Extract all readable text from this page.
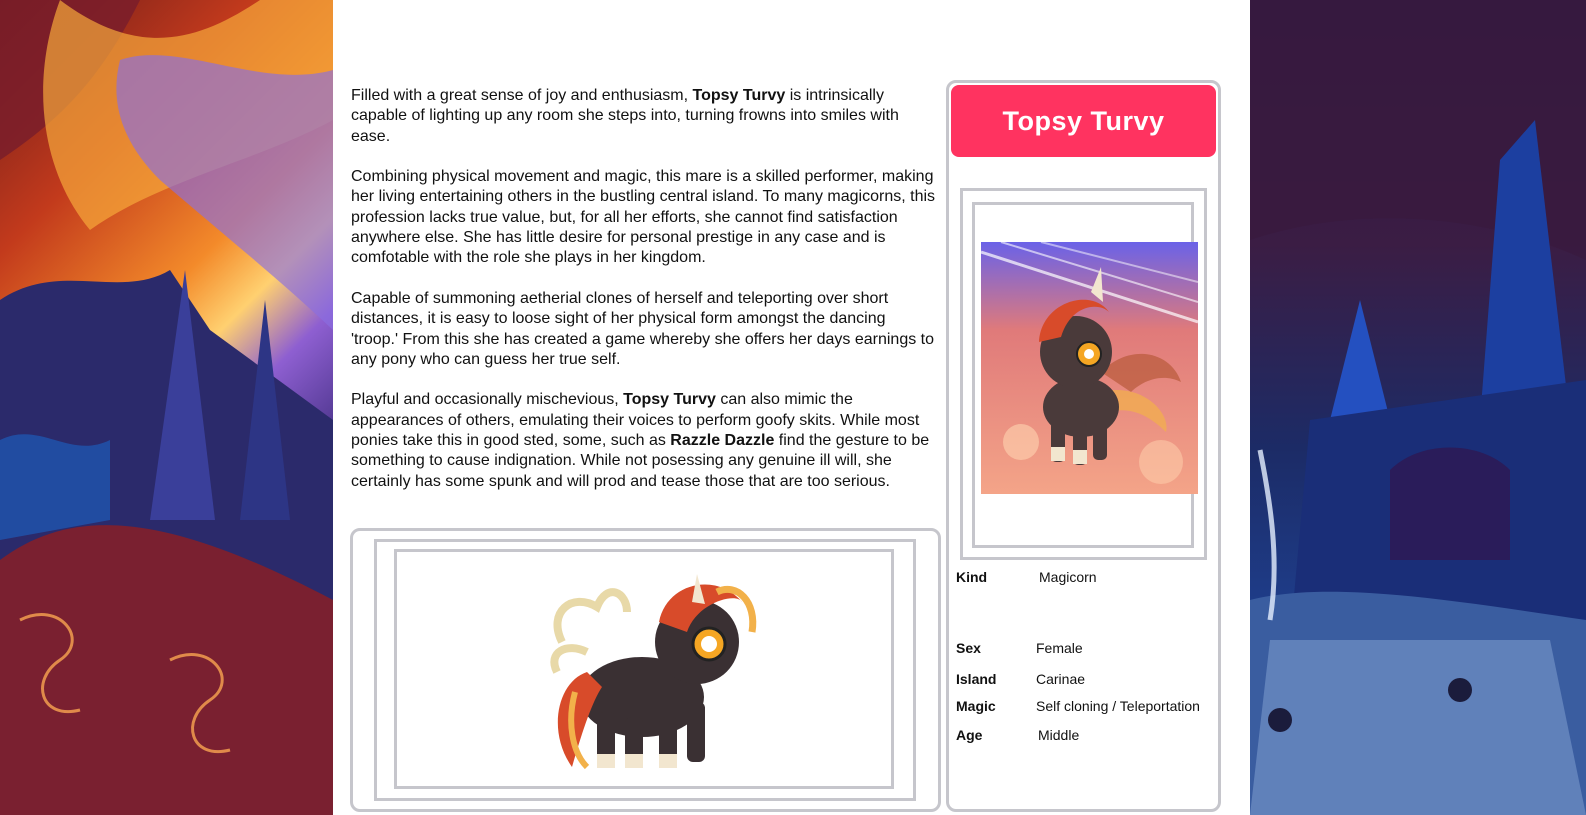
Filled with a great sense of joy and enthusiasm, Topsy Turvy is intrinsically capable of lighting up any room she steps into, turning frowns into smiles with ease.

Combining physical movement and magic, this mare is a skilled performer, making her living entertaining others in the bustling central island. To many magicorns, this profession lacks true value, but, for all her efforts, she cannot find satisfaction anywhere else. She has little desire for personal prestige in any case and is comfotable with the role she plays in her kingdom.

Capable of summoning aetherial clones of herself and teleporting over short distances, it is easy to loose sight of her physical form amongst the dancing 'troop.' From this she has created a game whereby she offers her days earnings to any pony who can guess her true self.

Playful and occasionally mischevious, Topsy Turvy can also mimic the appearances of others, emulating their voices to perform goofy skits. While most ponies take this in good sted, some, such as Razzle Dazzle find the gesture to be something to cause indignation. While not posessing any genuine ill will, she certainly has some spunk and will prod and tease those that are too serious.

Topsy Turvy
Kind	Magicorn
Sex	Female
Island	Carinae
Magic	Self cloning / Teleportation
Age	Middle
